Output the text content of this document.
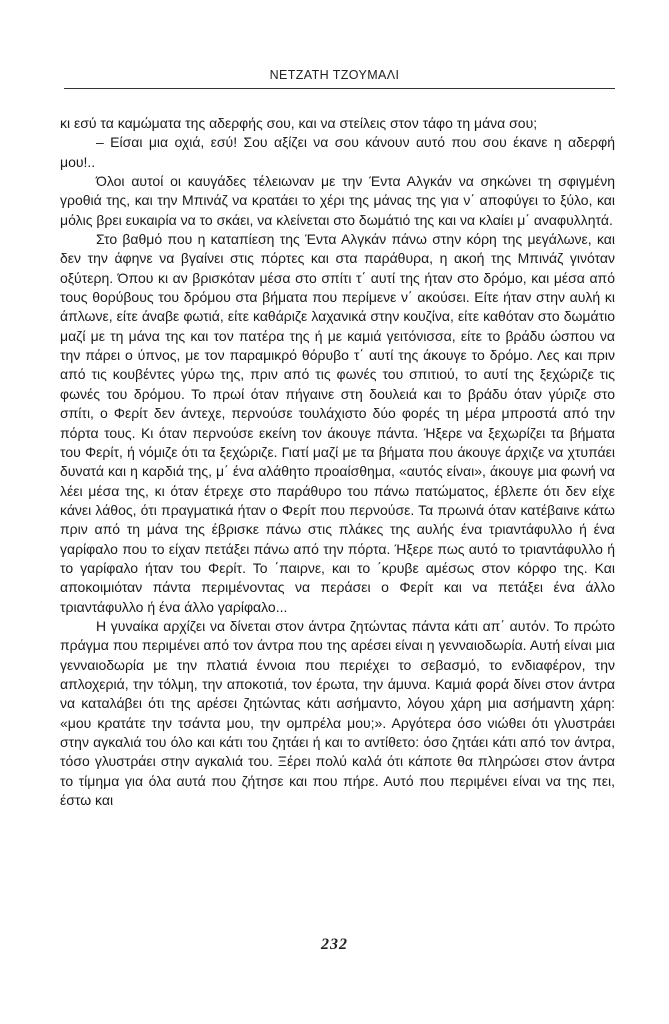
ΝΕΤΖΑΤΗ ΤΖΟΥΜΑΛΙ

κι εσύ τα καμώματα της αδερφής σου, και να στείλεις στον τάφο τη μάνα σου;

– Είσαι μια οχιά, εσύ! Σου αξίζει να σου κάνουν αυτό που σου έκανε η αδερφή μου!..

Όλοι αυτοί οι καυγάδες τέλειωναν με την Έντα Αλγκάν να σηκώνει τη σφιγμένη γροθιά της, και την Μπινάζ να κρατάει το χέρι της μάνας της για ν΄ αποφύγει το ξύλο, και μόλις βρει ευκαιρία να το σκάει, να κλείνεται στο δωμάτιό της και να κλαίει μ΄ αναφυλλητά.

Στο βαθμό που η καταπίεση της Έντα Αλγκάν πάνω στην κόρη της μεγάλωνε, και δεν την άφηνε να βγαίνει στις πόρτες και στα παράθυρα, η ακοή της Μπινάζ γινόταν οξύτερη. Όπου κι αν βρισκόταν μέσα στο σπίτι τ΄ αυτί της ήταν στο δρόμο, και μέσα από τους θορύβους του δρόμου στα βήματα που περίμενε ν΄ ακούσει. Είτε ήταν στην αυλή κι άπλωνε, είτε άναβε φωτιά, είτε καθάριζε λαχανικά στην κουζίνα, είτε καθόταν στο δωμάτιο μαζί με τη μάνα της και τον πατέρα της ή με καμιά γειτόνισσα, είτε το βράδυ ώσπου να την πάρει ο ύπνος, με τον παραμικρό θόρυβο τ΄ αυτί της άκουγε το δρόμο. Λες και πριν από τις κουβέντες γύρω της, πριν από τις φωνές του σπιτιού, το αυτί της ξεχώριζε τις φωνές του δρόμου. Το πρωί όταν πήγαινε στη δουλειά και το βράδυ όταν γύριζε στο σπίτι, ο Φερίτ δεν άντεχε, περνούσε τουλάχιστο δύο φορές τη μέρα μπροστά από την πόρτα τους. Κι όταν περνούσε εκείνη τον άκουγε πάντα. Ήξερε να ξεχωρίζει τα βήματα του Φερίτ, ή νόμιζε ότι τα ξεχώριζε. Γιατί μαζί με τα βήματα που άκουγε άρχιζε να χτυπάει δυνατά και η καρδιά της, μ΄ ένα αλάθητο προαίσθημα, «αυτός είναι», άκουγε μια φωνή να λέει μέσα της, κι όταν έτρεχε στο παράθυρο του πάνω πατώματος, έβλεπε ότι δεν είχε κάνει λάθος, ότι πραγματικά ήταν ο Φερίτ που περνούσε. Τα πρωινά όταν κατέβαινε κάτω πριν από τη μάνα της έβρισκε πάνω στις πλάκες της αυλής ένα τριαντάφυλλο ή ένα γαρίφαλο που το είχαν πετάξει πάνω από την πόρτα. Ήξερε πως αυτό το τριαντάφυλλο ή το γαρίφαλο ήταν του Φερίτ. Το ΄παιρνε, και το ΄κρυβε αμέσως στον κόρφο της. Και αποκοιμιόταν πάντα περιμένοντας να περάσει ο Φερίτ και να πετάξει ένα άλλο τριαντάφυλλο ή ένα άλλο γαρίφαλο...

Η γυναίκα αρχίζει να δίνεται στον άντρα ζητώντας πάντα κάτι απ΄ αυτόν. Το πρώτο πράγμα που περιμένει από τον άντρα που της αρέσει είναι η γενναιοδωρία. Αυτή είναι μια γενναιοδωρία με την πλατιά έννοια που περιέχει το σεβασμό, το ενδιαφέρον, την απλοχεριά, την τόλμη, την αποκοτιά, τον έρωτα, την άμυνα. Καμιά φορά δίνει στον άντρα να καταλάβει ότι της αρέσει ζητώντας κάτι ασήμαντο, λόγου χάρη μια ασήμαντη χάρη: «μου κρατάτε την τσάντα μου, την ομπρέλα μου;». Αργότερα όσο νιώθει ότι γλυστράει στην αγκαλιά του όλο και κάτι του ζητάει ή και το αντίθετο: όσο ζητάει κάτι από τον άντρα, τόσο γλυστράει στην αγκαλιά του. Ξέρει πολύ καλά ότι κάποτε θα πληρώσει στον άντρα το τίμημα για όλα αυτά που ζήτησε και που πήρε. Αυτό που περιμένει είναι να της πει, έστω και

232
